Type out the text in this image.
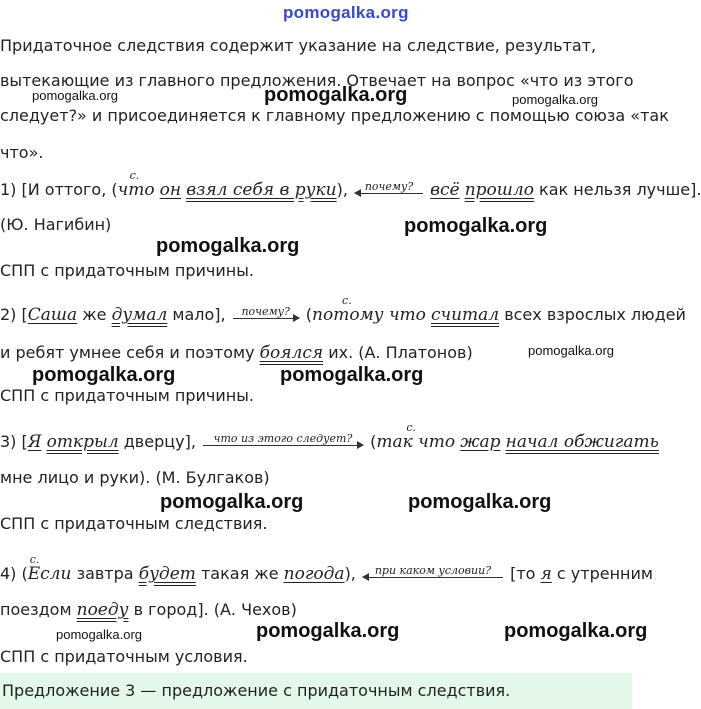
pomogalka.org
Придаточное следствия содержит указание на следствие, результат,
вытекающие из главного предложения. Отвечает на вопрос «что из этого
следует?» и присоединяется к главному предложению с помощью союза «так
что».
1) [И оттого, (
с.
что он взял себя в руки),	почему? всё прошло как нельзя лучше].
(Ю. Нагибин)
СПП с придаточным причины.
2) [Саша же думал мало],	почему? (
с.
потому что считал всех взрослых людей
и ребят умнее себя и поэтому боялся их. (А. Платонов)
СПП с придаточным причины.
3) [Я открыл дверцу],	что из этого следует?	(
с.
так что жар начал обжигать
мне лицо и руки). (М. Булгаков)
СПП с придаточным следствия.
4) (
с.
Если завтра будет такая же погода),	при каком условии?	[то я с утренним
поездом поеду в город]. (А. Чехов)
СПП с придаточным условия.
Предложение 3 — предложение с придаточным следствия.
pomogalka.org	pomogalka.org	pomogalka.org
pomogalka.org
pomogalka.org
pomogalka.org
pomogalka.org	pomogalka.org
pomogalka.org	pomogalka.org
pomogalka.org	pomogalka.org	pomogalka.org
